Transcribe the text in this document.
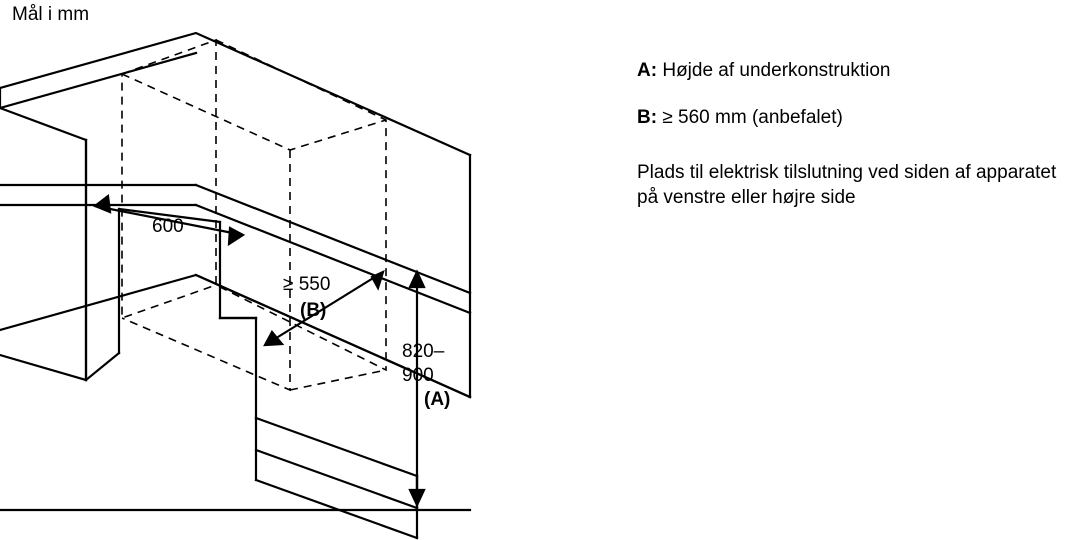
Mål i mm
600
≥ 550
(B)
820–
900
(A)
A: Højde af underkonstruktion
B: ≥ 560 mm (anbefalet)
Plads til elektrisk tilslutning ved siden af apparatet på venstre eller højre side
